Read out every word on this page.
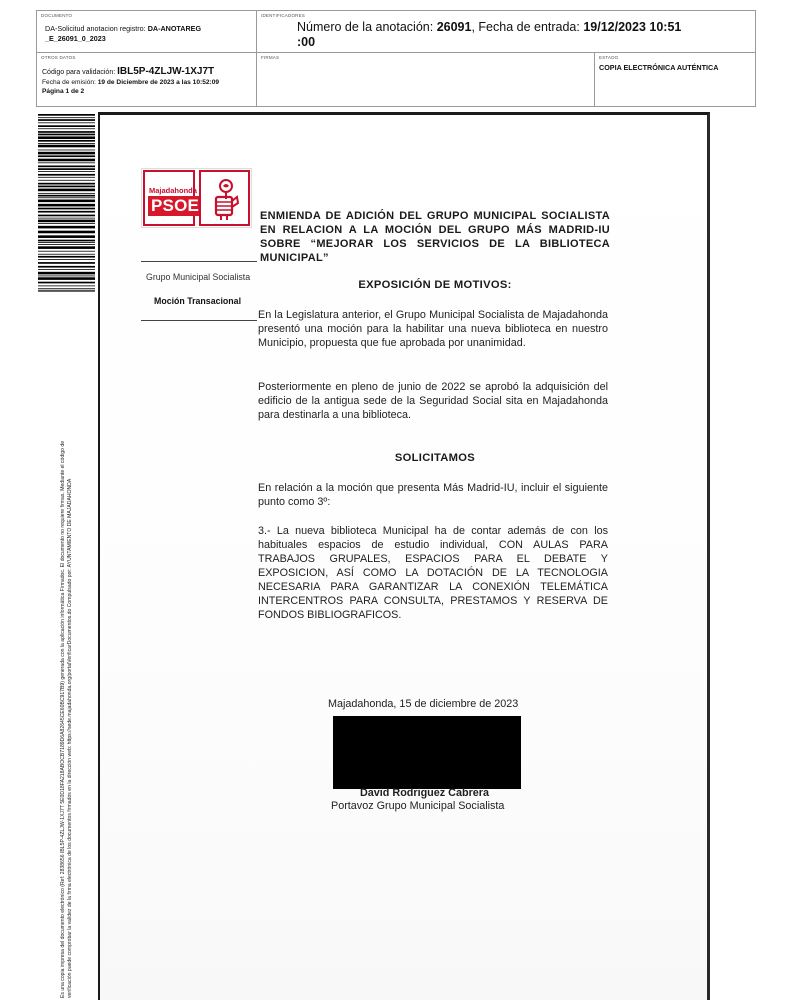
DOCUMENTO
DA-Solicitud anotacion registro: DA-ANOTAREG
_E_26091_0_2023
IDENTIFICADORES
Número de la anotación: 26091, Fecha de entrada: 19/12/2023 10:51
:00
OTROS DATOS
Código para validación: IBL5P-4ZLJW-1XJ7T
Fecha de emisión: 19 de Diciembre de 2023 a las 10:52:09
Página 1 de 2
FIRMAS	ESTADO
COPIA ELECTRÓNICA AUTÉNTICA
Es una copia impresa del documento electrónico (Ref: 2838656 IBL5P-4ZLJW-1XJ7T 5E0D18FA218ABOCB7189D6A82645CE60BC917B9) generada con la aplicación informática Firmadoc. El documento no requiere firmas. Mediante el código de verificación puede comprobar la validez de la firma electrónica de los documentos firmados en la dirección web: https://sede.majadahonda.org/portalVerificarDocumentos.do Compulsado por: AYUNTAMIENTO DE MAJADAHONDA
Majadahonda
PSOE
Grupo Municipal Socialista
Moción Transacional
ENMIENDA DE ADICIÓN DEL GRUPO MUNICIPAL SOCIALISTA EN RELACION A LA MOCIÓN DEL GRUPO MÁS MADRID-IU SOBRE “MEJORAR LOS SERVICIOS DE LA BIBLIOTECA MUNICIPAL”
EXPOSICIÓN DE MOTIVOS:
En la Legislatura anterior, el Grupo Municipal Socialista de Majadahonda presentó una moción para la habilitar una nueva biblioteca en nuestro Municipio, propuesta que fue aprobada por unanimidad.
Posteriormente en pleno de junio de 2022 se aprobó la adquisición del edificio de la antigua sede de la Seguridad Social sita en Majadahonda para destinarla a una biblioteca.
SOLICITAMOS
En relación a la moción que presenta Más Madrid-IU, incluir el siguiente punto como 3º:
3.- La nueva biblioteca Municipal ha de contar además de con los habituales espacios de estudio individual, CON AULAS PARA TRABAJOS GRUPALES, ESPACIOS PARA EL DEBATE Y EXPOSICION, ASÍ COMO LA DOTACIÓN DE LA TECNOLOGIA NECESARIA PARA GARANTIZAR LA CONEXIÓN TELEMÁTICA INTERCENTROS PARA CONSULTA, PRESTAMOS Y RESERVA DE FONDOS BIBLIOGRAFICOS.
Majadahonda, 15 de diciembre de 2023
David Rodriguez Cabrera
Portavoz Grupo Municipal Socialista
